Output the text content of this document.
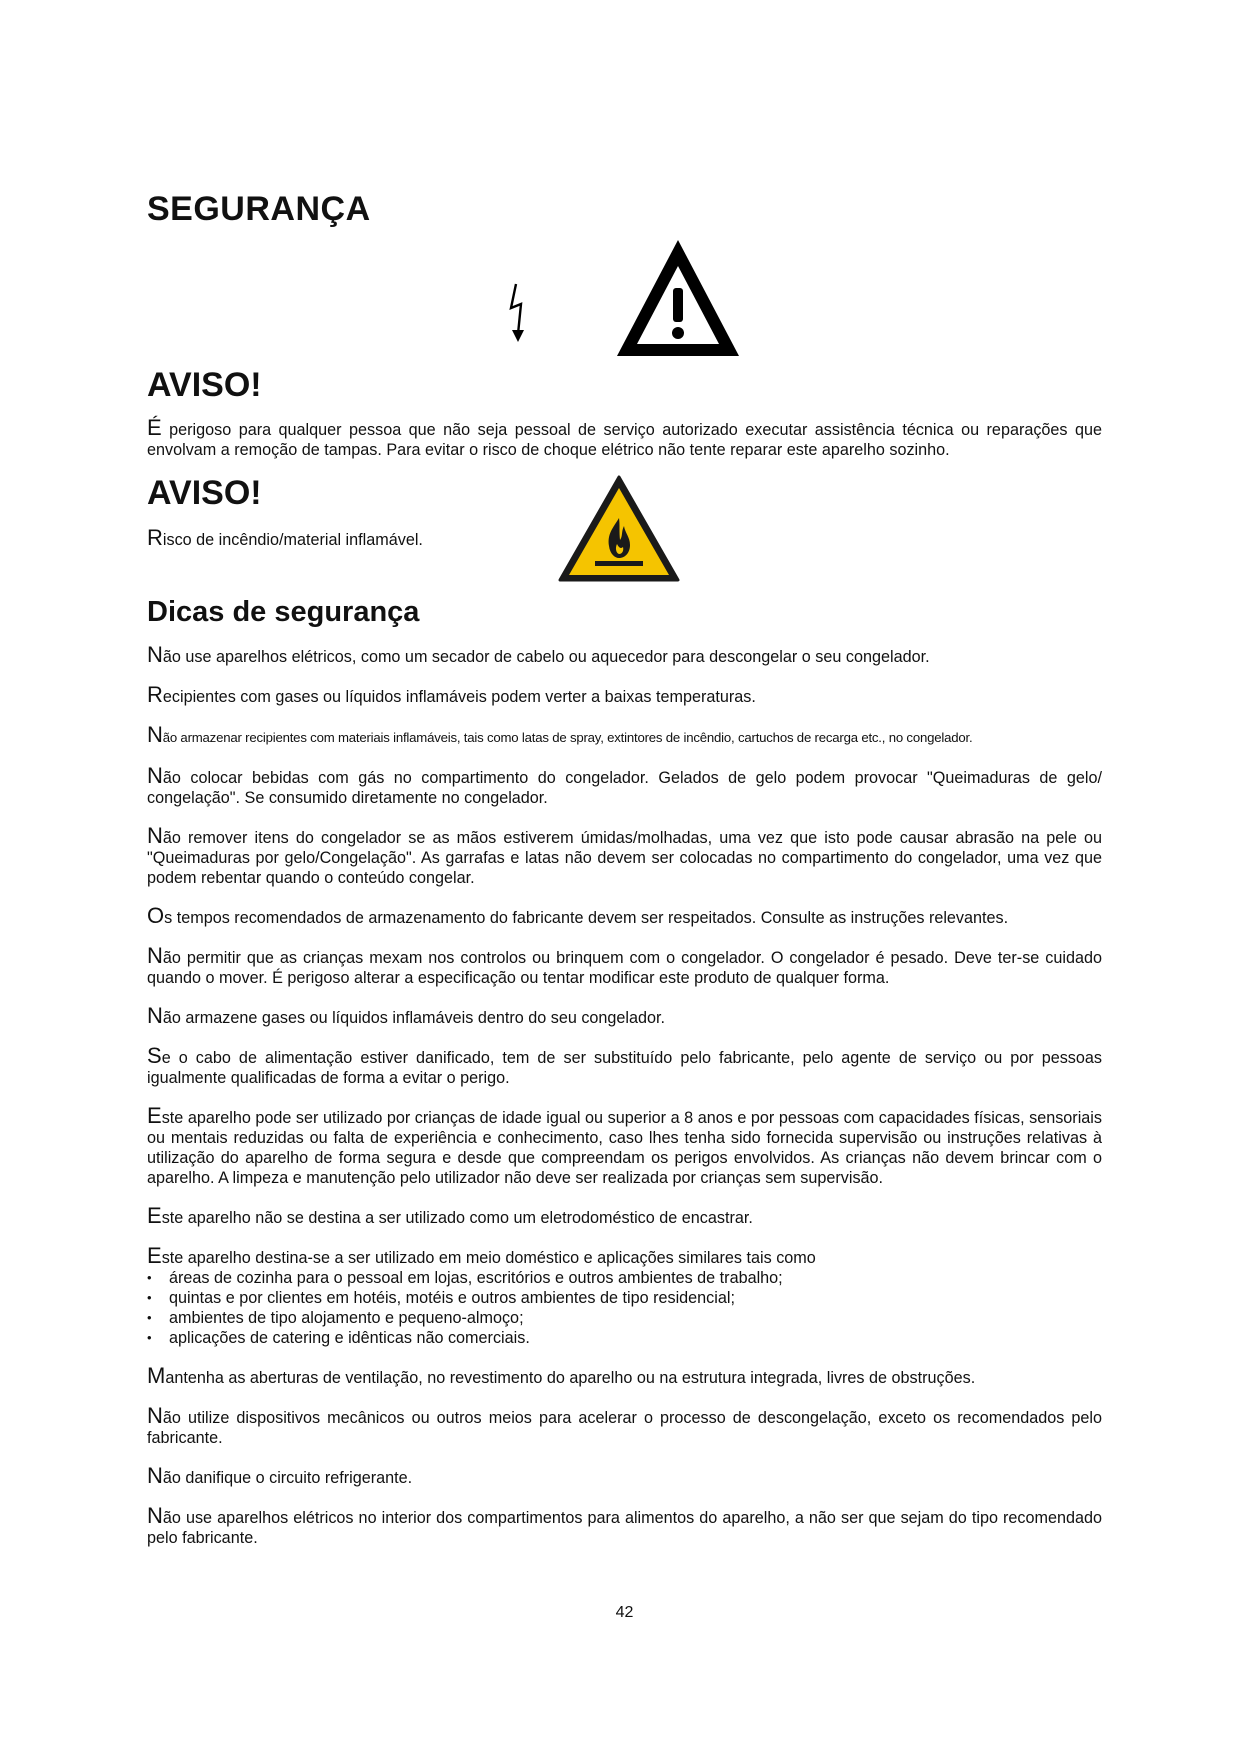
SEGURANÇA
AVISO!

É perigoso para qualquer pessoa que não seja pessoal de serviço autorizado executar assistência técnica ou reparações que envolvam a remoção de tampas. Para evitar o risco de choque elétrico não tente reparar este aparelho sozinho.

AVISO!

Risco de incêndio/material inflamável.

Dicas de segurança

Não use aparelhos elétricos, como um secador de cabelo ou aquecedor para descongelar o seu congelador.

Recipientes com gases ou líquidos inflamáveis podem verter a baixas temperaturas.

Não armazenar recipientes com materiais inflamáveis, tais como latas de spray, extintores de incêndio, cartuchos de recarga etc., no congelador.

Não colocar bebidas com gás no compartimento do congelador. Gelados de gelo podem provocar "Queimaduras de gelo/ congelação". Se consumido diretamente no congelador.

Não remover itens do congelador se as mãos estiverem úmidas/molhadas, uma vez que isto pode causar abrasão na pele ou "Queimaduras por gelo/Congelação". As garrafas e latas não devem ser colocadas no compartimento do congelador, uma vez que podem rebentar quando o conteúdo congelar.

Os tempos recomendados de armazenamento do fabricante devem ser respeitados. Consulte as instruções relevantes.

Não permitir que as crianças mexam nos controlos ou brinquem com o congelador. O congelador é pesado. Deve ter-se cuidado quando o mover. É perigoso alterar a especificação ou tentar modificar este produto de qualquer forma.

Não armazene gases ou líquidos inflamáveis dentro do seu congelador.

Se o cabo de alimentação estiver danificado, tem de ser substituído pelo fabricante, pelo agente de serviço ou por pessoas igualmente qualificadas de forma a evitar o perigo.

Este aparelho pode ser utilizado por crianças de idade igual ou superior a 8 anos e por pessoas com capacidades físicas, sensoriais ou mentais reduzidas ou falta de experiência e conhecimento, caso lhes tenha sido fornecida supervisão ou instruções relativas à utilização do aparelho de forma segura e desde que compreendam os perigos envolvidos. As crianças não devem brincar com o aparelho. A limpeza e manutenção pelo utilizador não deve ser realizada por crianças sem supervisão.

Este aparelho não se destina a ser utilizado como um eletrodoméstico de encastrar.

Este aparelho destina-se a ser utilizado em meio doméstico e aplicações similares tais como

• áreas de cozinha para o pessoal em lojas, escritórios e outros ambientes de trabalho;
• quintas e por clientes em hotéis, motéis e outros ambientes de tipo residencial;
• ambientes de tipo alojamento e pequeno-almoço;
• aplicações de catering e idênticas não comerciais.

Mantenha as aberturas de ventilação, no revestimento do aparelho ou na estrutura integrada, livres de obstruções.

Não utilize dispositivos mecânicos ou outros meios para acelerar o processo de descongelação, exceto os recomendados pelo fabricante.

Não danifique o circuito refrigerante.

Não use aparelhos elétricos no interior dos compartimentos para alimentos do aparelho, a não ser que sejam do tipo recomendado pelo fabricante.

42
